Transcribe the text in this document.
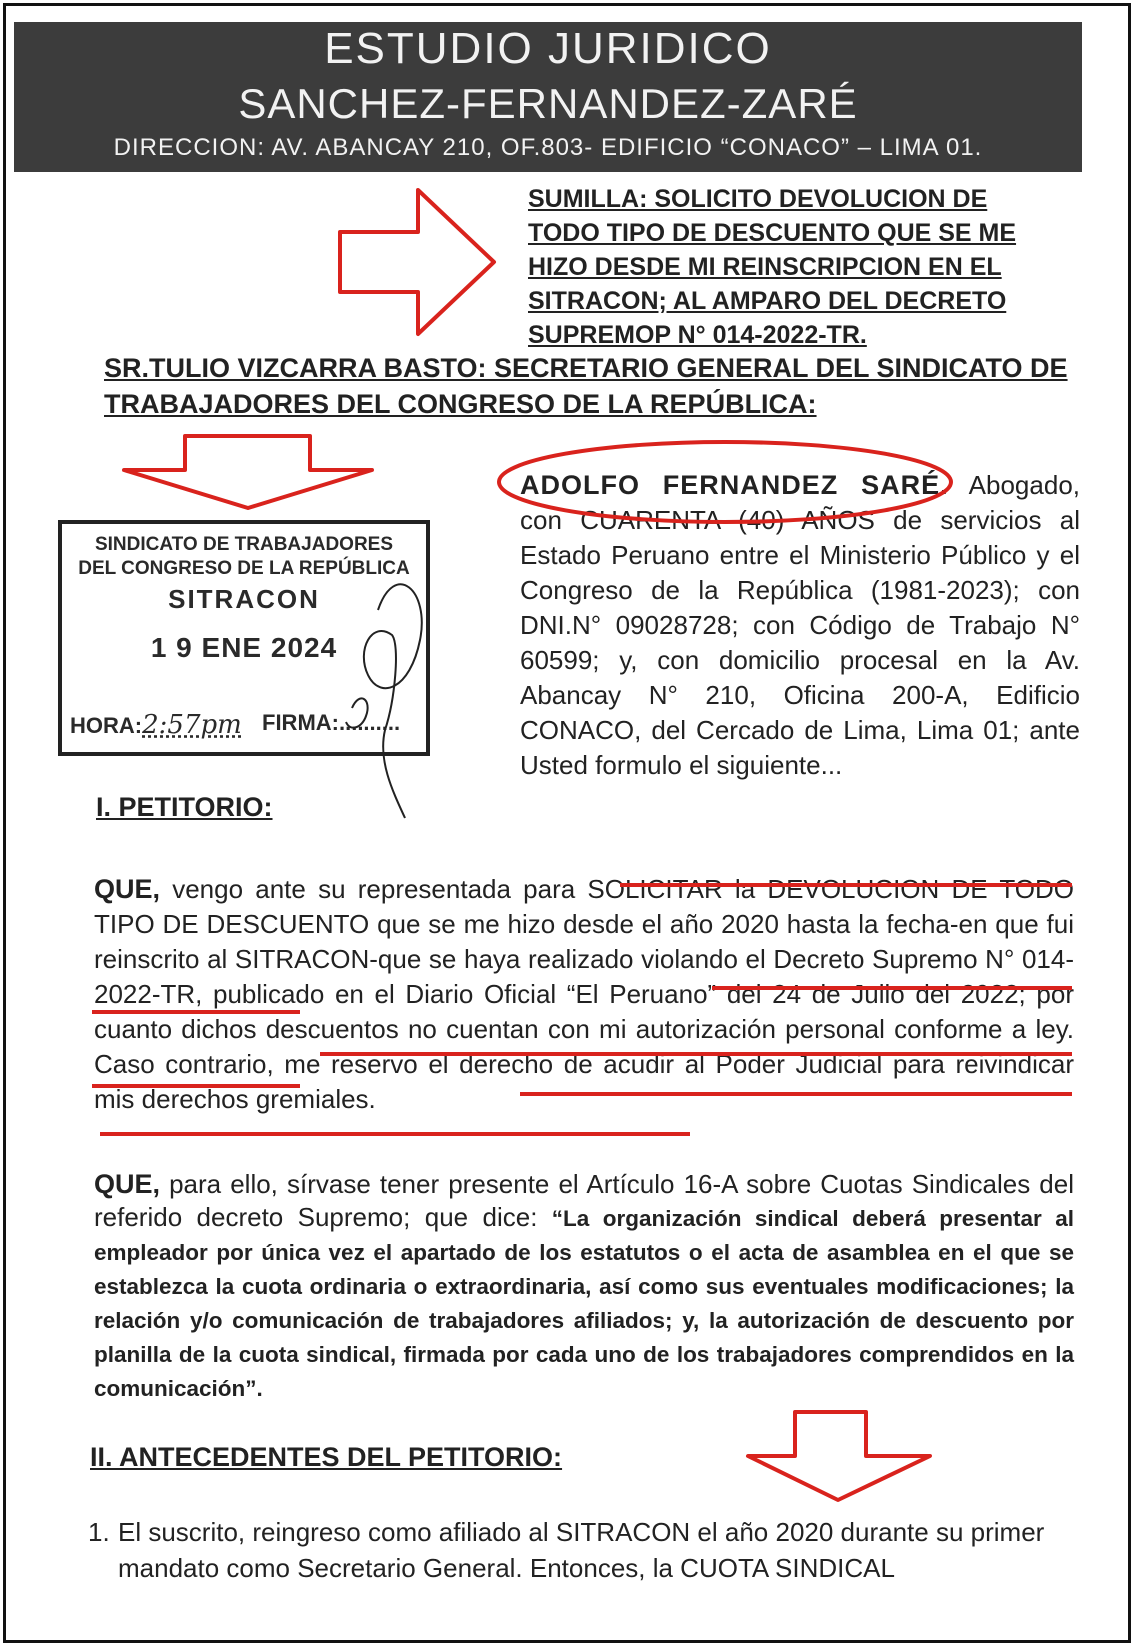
ESTUDIO JURIDICO
SANCHEZ-FERNANDEZ-ZARÉ
DIRECCION: AV. ABANCAY 210, OF.803- EDIFICIO “CONACO” – LIMA 01.
SUMILLA: SOLICITO DEVOLUCION DE TODO TIPO DE DESCUENTO QUE SE ME HIZO DESDE MI REINSCRIPCION EN EL SITRACON; AL AMPARO DEL DECRETO SUPREMOP N° 014-2022-TR.
SR.TULIO VIZCARRA BASTO: SECRETARIO GENERAL DEL SINDICATO DE TRABAJADORES DEL CONGRESO DE LA REPÚBLICA:
SINDICATO DE TRABAJADORES
DEL CONGRESO DE LA REPÚBLICA
SITRACON
1 9 ENE 2024
HORA:2:57pm FIRMA:..........
ADOLFO FERNANDEZ SARÉ. Abogado, con CUARENTA (40) AÑOS de servicios al Estado Peruano entre el Ministerio Público y el Congreso de la República (1981-2023); con DNI.N° 09028728; con Código de Trabajo N° 60599; y, con domicilio procesal en la Av. Abancay N° 210, Oficina 200-A, Edificio CONACO, del Cercado de Lima, Lima 01; ante Usted formulo el siguiente...
I. PETITORIO:
QUE, vengo ante su representada para SOLICITAR la DEVOLUCION DE TODO TIPO DE DESCUENTO que se me hizo desde el año 2020 hasta la fecha-en que fui reinscrito al SITRACON-que se haya realizado violando el Decreto Supremo N° 014-2022-TR, publicado en el Diario Oficial “El Peruano” del 24 de Julio del 2022; por cuanto dichos descuentos no cuentan con mi autorización personal conforme a ley. Caso contrario, me reservo el derecho de acudir al Poder Judicial para reivindicar mis derechos gremiales.
QUE, para ello, sírvase tener presente el Artículo 16-A sobre Cuotas Sindicales del referido decreto Supremo; que dice: “La organización sindical deberá presentar al empleador por única vez el apartado de los estatutos o el acta de asamblea en el que se establezca la cuota ordinaria o extraordinaria, así como sus eventuales modificaciones; la relación y/o comunicación de trabajadores afiliados; y, la autorización de descuento por planilla de la cuota sindical, firmada por cada uno de los trabajadores comprendidos en la comunicación”.
II. ANTECEDENTES DEL PETITORIO:
1. El suscrito, reingreso como afiliado al SITRACON el año 2020 durante su primer mandato como Secretario General. Entonces, la CUOTA SINDICAL
